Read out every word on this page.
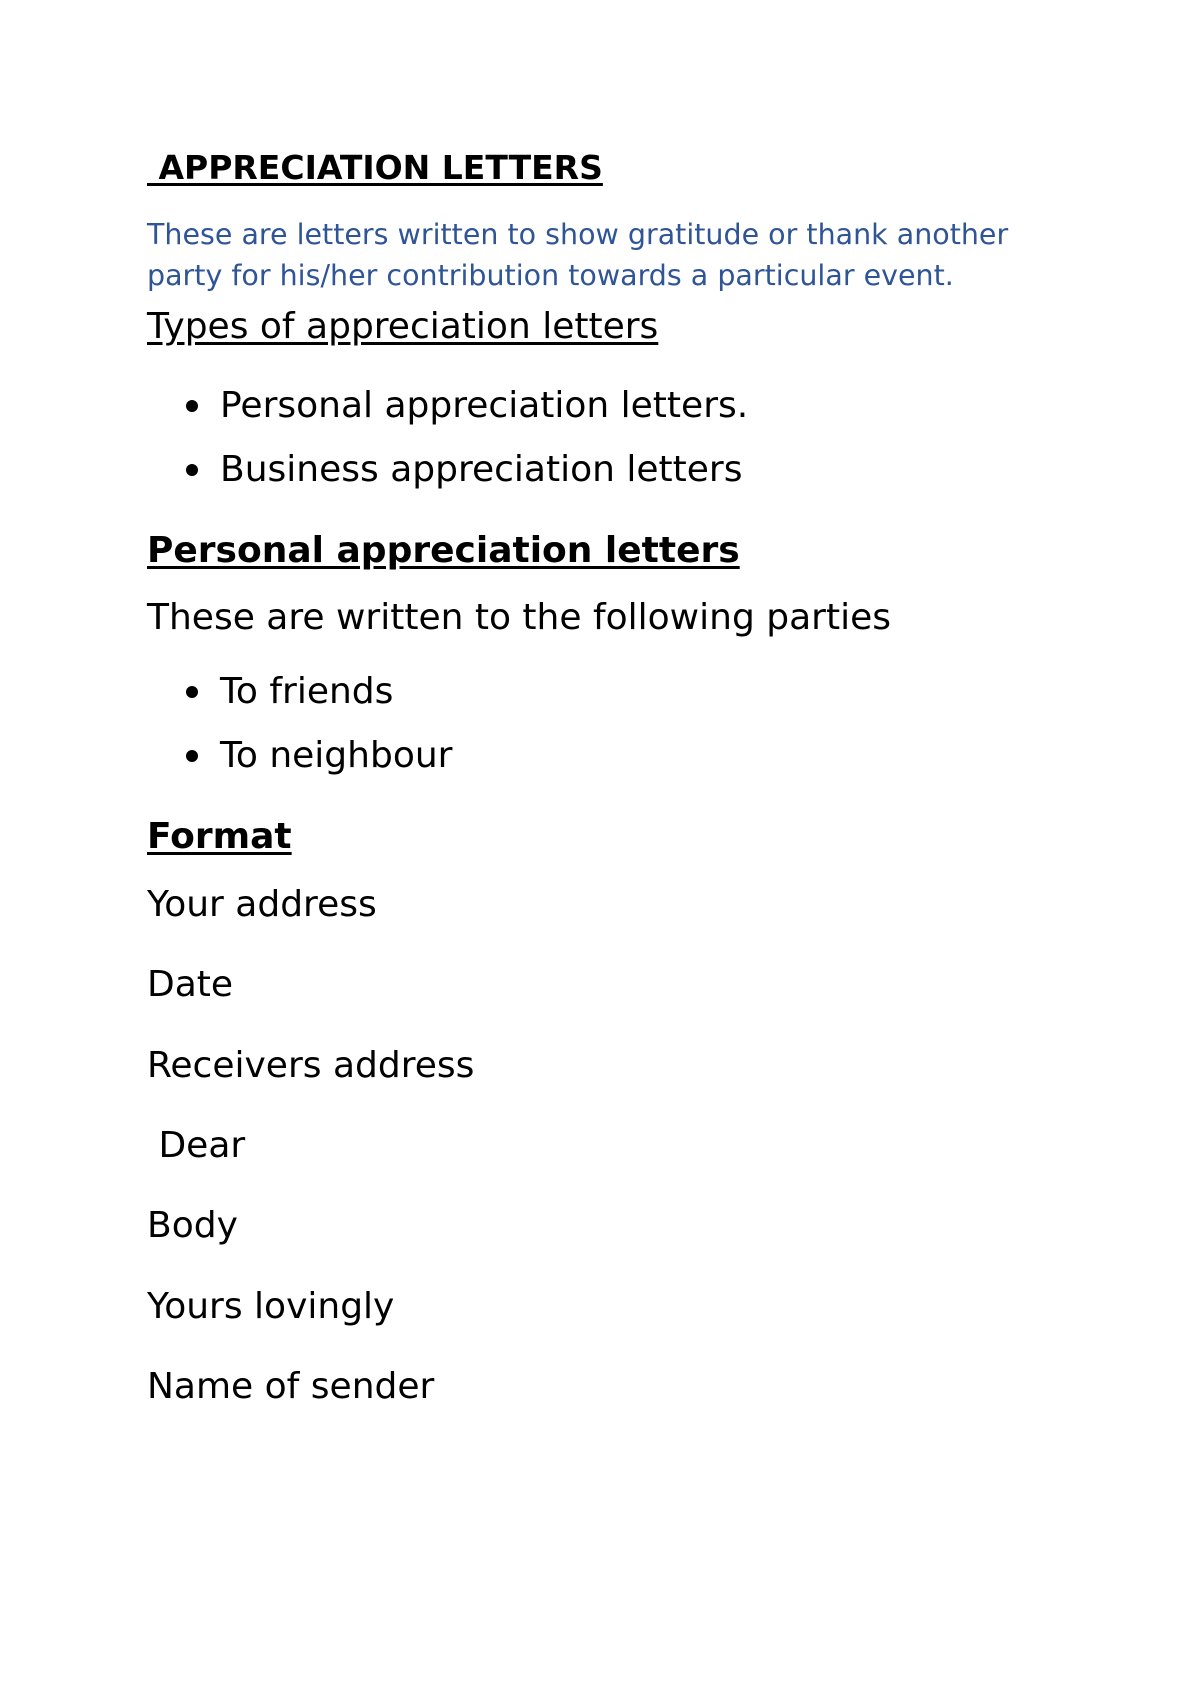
APPRECIATION LETTERS

These are letters written to show gratitude or thank another party for his/her contribution towards a particular event.

Types of appreciation letters
Personal appreciation letters.
Business appreciation letters
Personal appreciation letters

These are written to the following parties

To friends
To neighbour
Format

Your address

Date

Receivers address

Dear

Body

Yours lovingly

Name of sender
